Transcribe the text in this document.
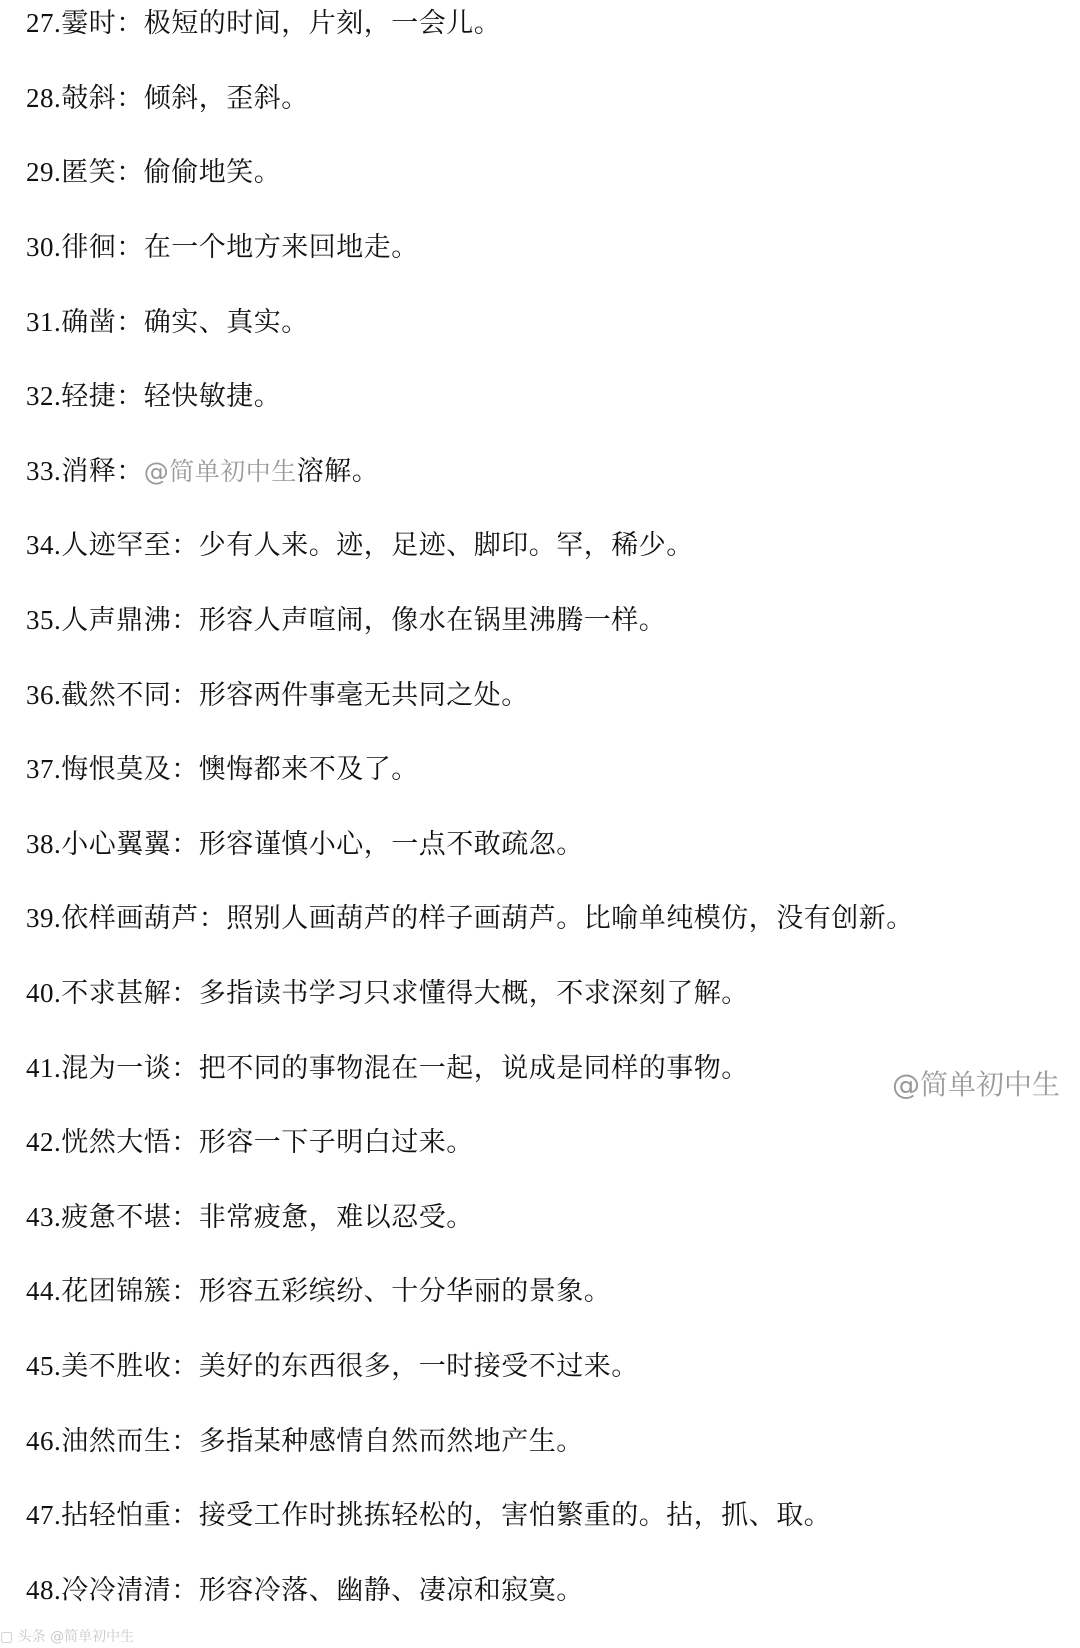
27.霎时：极短的时间，片刻，一会儿。
28.攲斜：倾斜，歪斜。
29.匿笑：偷偷地笑。
30.徘徊：在一个地方来回地走。
31.确凿：确实、真实。
32.轻捷：轻快敏捷。
33.消释：@简单初中生溶解。
34.人迹罕至：少有人来。迹，足迹、脚印。罕，稀少。
35.人声鼎沸：形容人声喧闹，像水在锅里沸腾一样。
36.截然不同：形容两件事毫无共同之处。
37.悔恨莫及：懊悔都来不及了。
38.小心翼翼：形容谨慎小心，一点不敢疏忽。
39.依样画葫芦：照别人画葫芦的样子画葫芦。比喻单纯模仿，没有创新。
40.不求甚解：多指读书学习只求懂得大概，不求深刻了解。
41.混为一谈：把不同的事物混在一起，说成是同样的事物。
42.恍然大悟：形容一下子明白过来。
43.疲惫不堪：非常疲惫，难以忍受。
44.花团锦簇：形容五彩缤纷、十分华丽的景象。
45.美不胜收：美好的东西很多，一时接受不过来。
46.油然而生：多指某种感情自然而然地产生。
47.拈轻怕重：接受工作时挑拣轻松的，害怕繁重的。拈，抓、取。
48.冷冷清清：形容冷落、幽静、凄凉和寂寞。
@简单初中生
▢ 头条 @简单初中生
